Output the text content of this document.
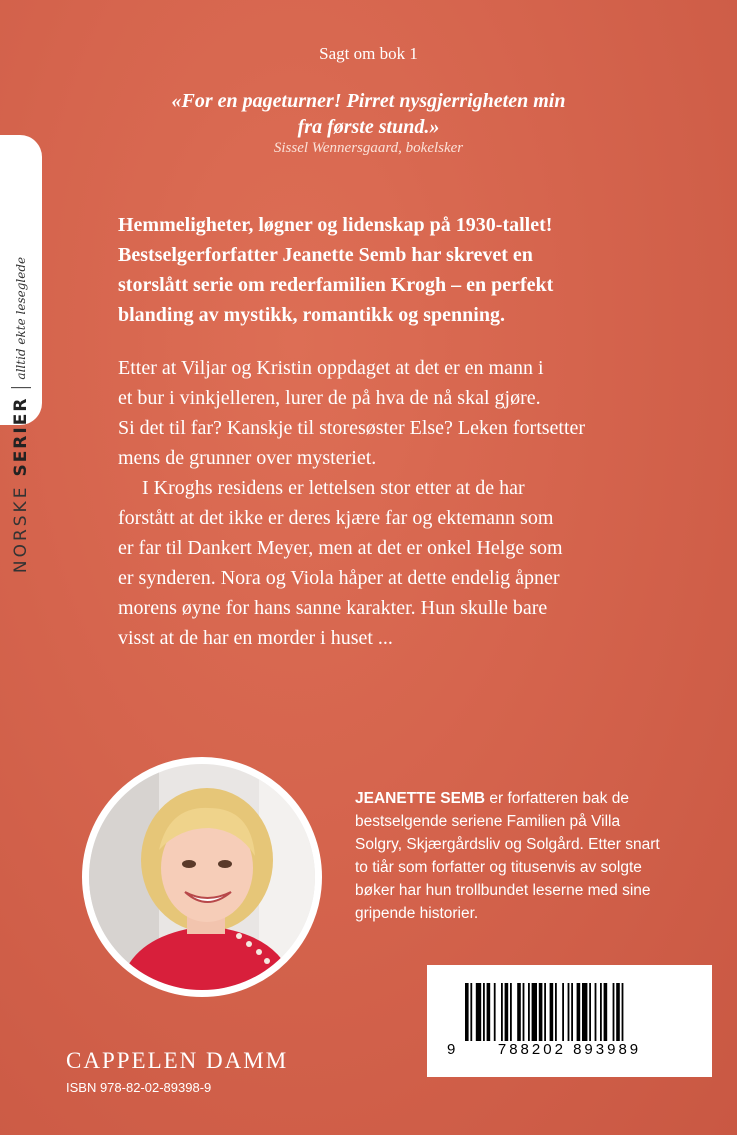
NORSKE
SERIER
alltid ekte leseglede
Sagt om bok 1
«For en pageturner! Pirret nysgjerrigheten min
fra første stund.»
Sissel Wennersgaard, bokelsker
Hemmeligheter, løgner og lidenskap på 1930-tallet!
Bestselgerforfatter Jeanette Semb har skrevet en
storslått serie om rederfamilien Krogh – en perfekt
blanding av mystikk, romantikk og spenning.
Etter at Viljar og Kristin oppdaget at det er en mann i
et bur i vinkjelleren, lurer de på hva de nå skal gjøre.
Si det til far? Kanskje til storesøster Else? Leken fortsetter
mens de grunner over mysteriet.
I Kroghs residens er lettelsen stor etter at de har
forstått at det ikke er deres kjære far og ektemann som
er far til Dankert Meyer, men at det er onkel Helge som
er synderen. Nora og Viola håper at dette endelig åpner
morens øyne for hans sanne karakter. Hun skulle bare
visst at de har en morder i huset ...
JEANETTE SEMB er forfatteren bak de
bestselgende seriene Familien på Villa
Solgry, Skjærgårdsliv og Solgård. Etter snart
to tiår som forfatter og titusenvis av solgte
bøker har hun trollbundet leserne med sine
gripende historier.
9	788202 893989
CAPPELEN DAMM
ISBN 978-82-02-89398-9
